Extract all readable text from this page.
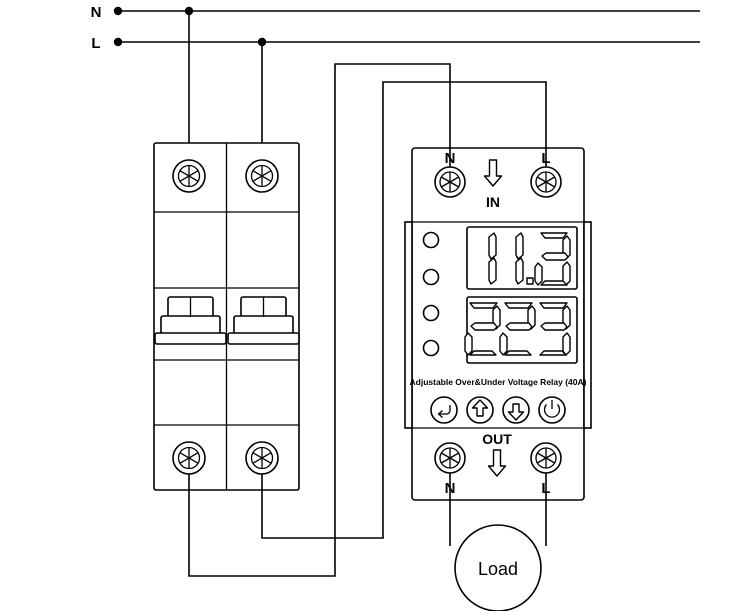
N
L
N	L
IN
Adjustable Over&Under Voltage Relay (40A)
OUT
N	L
Load
